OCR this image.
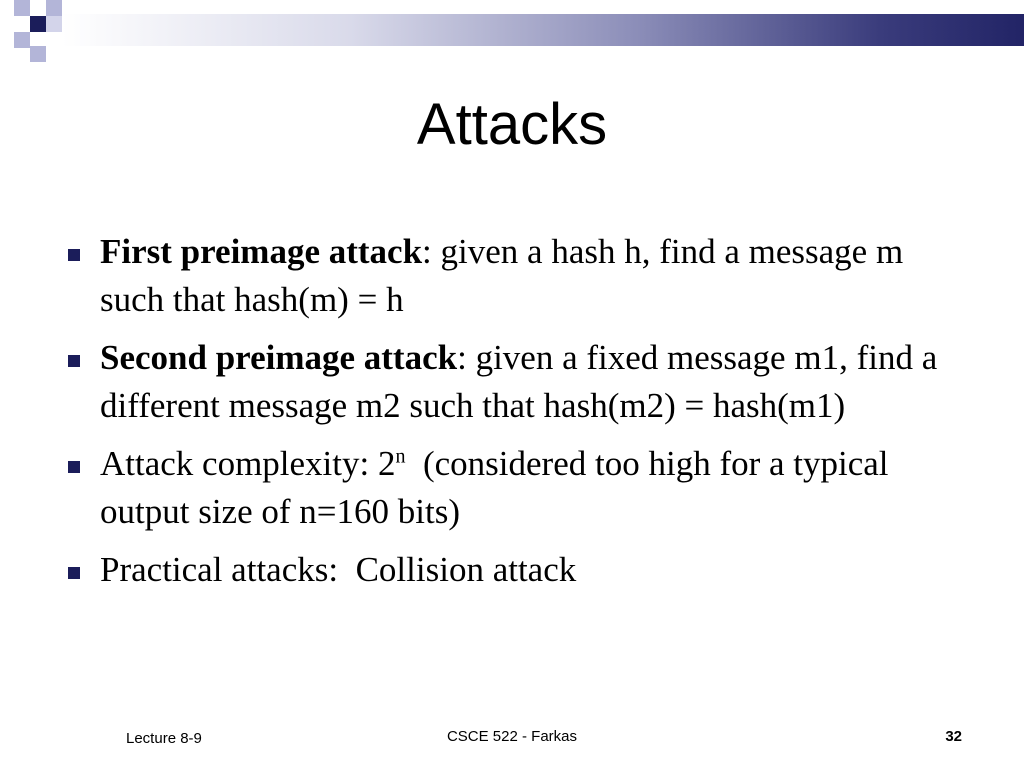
Attacks
First preimage attack: given a hash h, find a message m such that hash(m) = h
Second preimage attack: given a fixed message m1, find a different message m2 such that hash(m2) = hash(m1)
Attack complexity: 2$^n$  (considered too high for a typical output size of n=160 bits)
Practical attacks:  Collision attack
Lecture 8-9	CSCE 522 - Farkas	32
